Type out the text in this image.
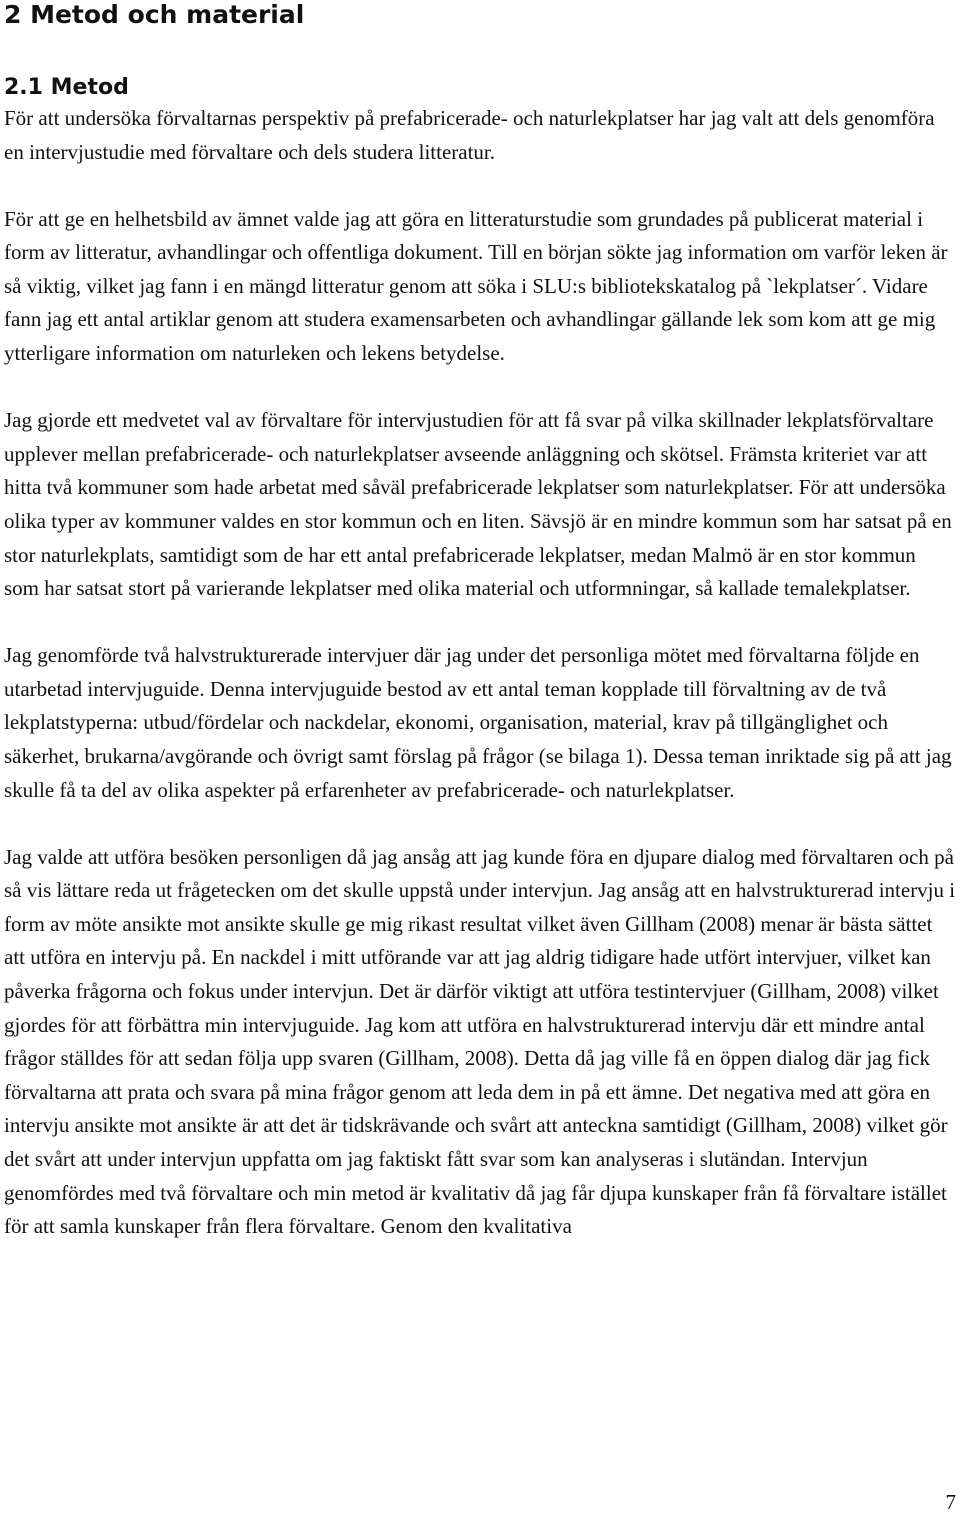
2 Metod och material
2.1 Metod

För att undersöka förvaltarnas perspektiv på prefabricerade- och naturlekplatser har jag valt att dels genomföra en intervjustudie med förvaltare och dels studera litteratur.

För att ge en helhetsbild av ämnet valde jag att göra en litteraturstudie som grundades på publicerat material i form av litteratur, avhandlingar och offentliga dokument. Till en början sökte jag information om varför leken är så viktig, vilket jag fann i en mängd litteratur genom att söka i SLU:s bibliotekskatalog på `lekplatser´. Vidare fann jag ett antal artiklar genom att studera examensarbeten och avhandlingar gällande lek som kom att ge mig ytterligare information om naturleken och lekens betydelse.

Jag gjorde ett medvetet val av förvaltare för intervjustudien för att få svar på vilka skillnader lekplatsförvaltare upplever mellan prefabricerade- och naturlekplatser avseende anläggning och skötsel. Främsta kriteriet var att hitta två kommuner som hade arbetat med såväl prefabricerade lekplatser som naturlekplatser. För att undersöka olika typer av kommuner valdes en stor kommun och en liten. Sävsjö är en mindre kommun som har satsat på en stor naturlekplats, samtidigt som de har ett antal prefabricerade lekplatser, medan Malmö är en stor kommun som har satsat stort på varierande lekplatser med olika material och utformningar, så kallade temalekplatser.

Jag genomförde två halvstrukturerade intervjuer där jag under det personliga mötet med förvaltarna följde en utarbetad intervjuguide. Denna intervjuguide bestod av ett antal teman kopplade till förvaltning av de två lekplatstyperna: utbud/fördelar och nackdelar, ekonomi, organisation, material, krav på tillgänglighet och säkerhet, brukarna/avgörande och övrigt samt förslag på frågor (se bilaga 1). Dessa teman inriktade sig på att jag skulle få ta del av olika aspekter på erfarenheter av prefabricerade- och naturlekplatser.

Jag valde att utföra besöken personligen då jag ansåg att jag kunde föra en djupare dialog med förvaltaren och på så vis lättare reda ut frågetecken om det skulle uppstå under intervjun. Jag ansåg att en halvstrukturerad intervju i form av möte ansikte mot ansikte skulle ge mig rikast resultat vilket även Gillham (2008) menar är bästa sättet att utföra en intervju på. En nackdel i mitt utförande var att jag aldrig tidigare hade utfört intervjuer, vilket kan påverka frågorna och fokus under intervjun. Det är därför viktigt att utföra testintervjuer (Gillham, 2008) vilket gjordes för att förbättra min intervjuguide. Jag kom att utföra en halvstrukturerad intervju där ett mindre antal frågor ställdes för att sedan följa upp svaren (Gillham, 2008). Detta då jag ville få en öppen dialog där jag fick förvaltarna att prata och svara på mina frågor genom att leda dem in på ett ämne. Det negativa med att göra en intervju ansikte mot ansikte är att det är tidskrävande och svårt att anteckna samtidigt (Gillham, 2008) vilket gör det svårt att under intervjun uppfatta om jag faktiskt fått svar som kan analyseras i slutändan. Intervjun genomfördes med två förvaltare och min metod är kvalitativ då jag får djupa kunskaper från få förvaltare istället för att samla kunskaper från flera förvaltare. Genom den kvalitativa

7
